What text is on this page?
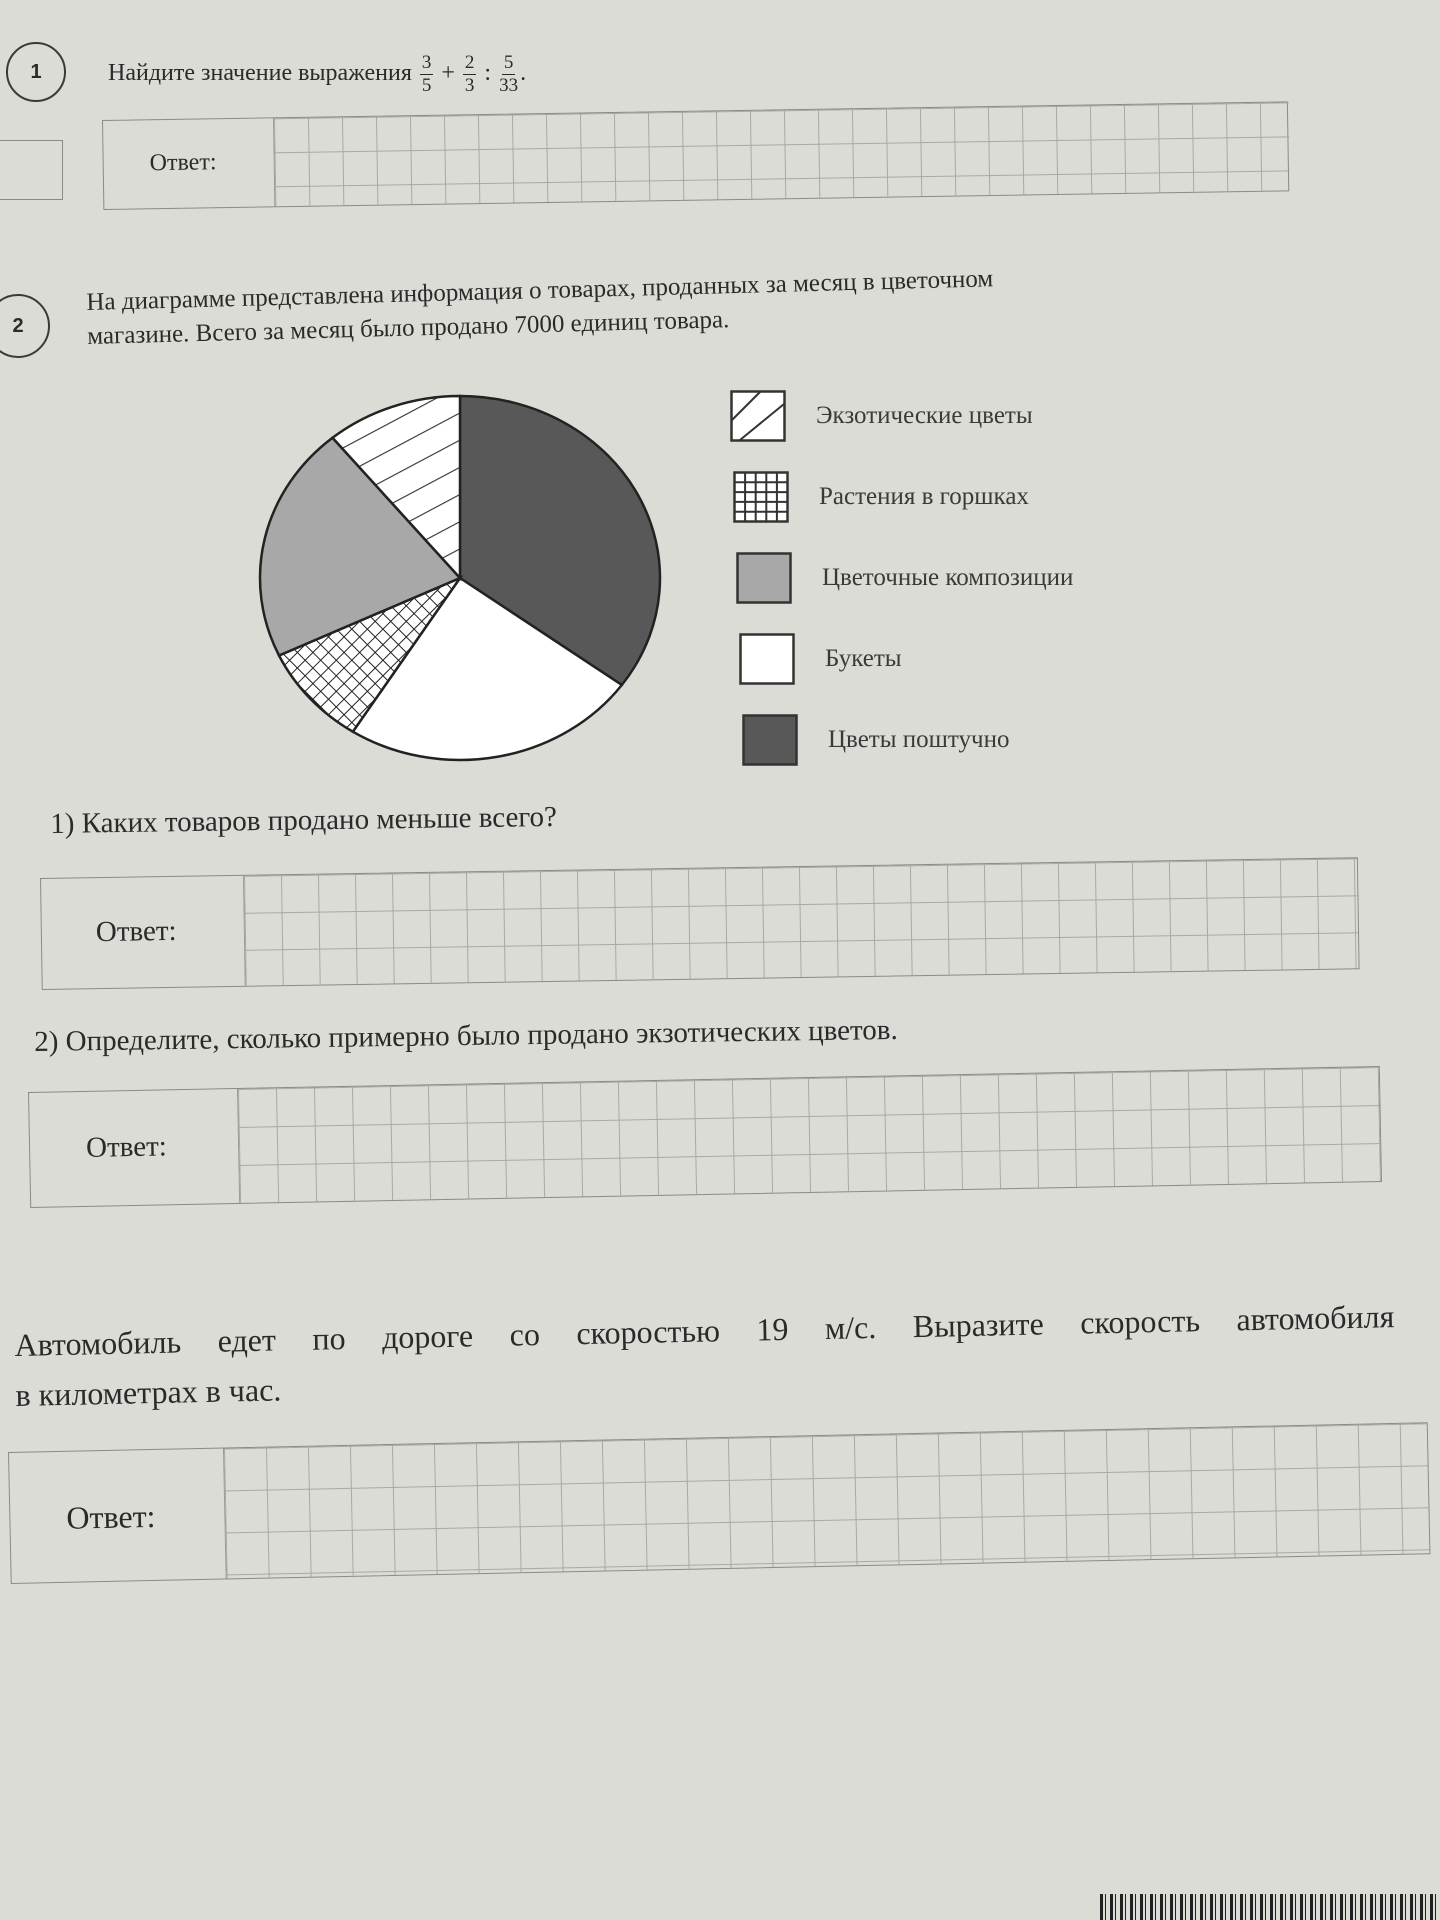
1	Найдите значение выражения $\frac{3}{5} + \frac{2}{3}$ : $\frac{5}{33}$ .
Ответ:
2
На диаграмме представлена информация о товарах, проданных за месяц в цветочном
магазине. Всего за месяц было продано 7000 единиц товара.
Экзотические цветы
Растения в горшках
Цветочные композиции
Букеты
Цветы поштучно
1) Каких товаров продано меньше всего?
Ответ:
2) Определите, сколько примерно было продано экзотических цветов.
Ответ:
Автомобиль едет по дороге со скоростью 19 м/с. Выразите скорость автомобиля
в километрах в час.
Ответ:
